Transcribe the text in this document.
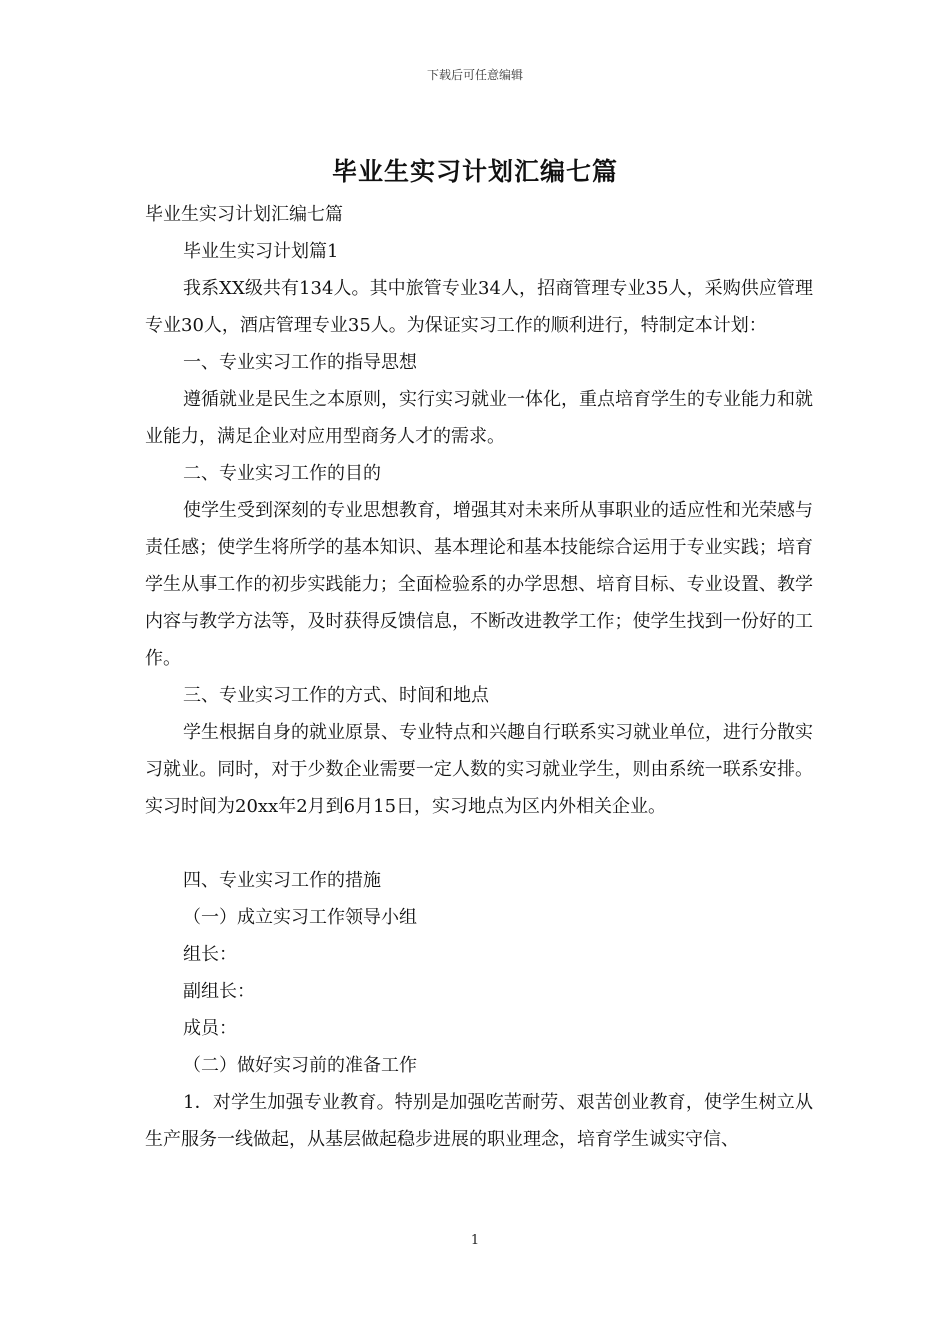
下载后可任意编辑
毕业生实习计划汇编七篇

毕业生实习计划汇编七篇

毕业生实习计划篇1

我系XX级共有134人。其中旅管专业34人，招商管理专业35人，采购供应管理专业30人，酒店管理专业35人。为保证实习工作的顺利进行，特制定本计划：

一、专业实习工作的指导思想

遵循就业是民生之本原则，实行实习就业一体化，重点培育学生的专业能力和就业能力，满足企业对应用型商务人才的需求。

二、专业实习工作的目的

使学生受到深刻的专业思想教育，增强其对未来所从事职业的适应性和光荣感与责任感；使学生将所学的基本知识、基本理论和基本技能综合运用于专业实践；培育学生从事工作的初步实践能力；全面检验系的办学思想、培育目标、专业设置、教学内容与教学方法等，及时获得反馈信息，不断改进教学工作；使学生找到一份好的工作。

三、专业实习工作的方式、时间和地点

学生根据自身的就业原景、专业特点和兴趣自行联系实习就业单位，进行分散实习就业。同时，对于少数企业需要一定人数的实习就业学生，则由系统一联系安排。实习时间为20xx年2月到6月15日，实习地点为区内外相关企业。

四、专业实习工作的措施

（一）成立实习工作领导小组

组长：

副组长：

成员：

（二）做好实习前的准备工作

1．对学生加强专业教育。特别是加强吃苦耐劳、艰苦创业教育，使学生树立从生产服务一线做起，从基层做起稳步进展的职业理念，培育学生诚实守信、

1
